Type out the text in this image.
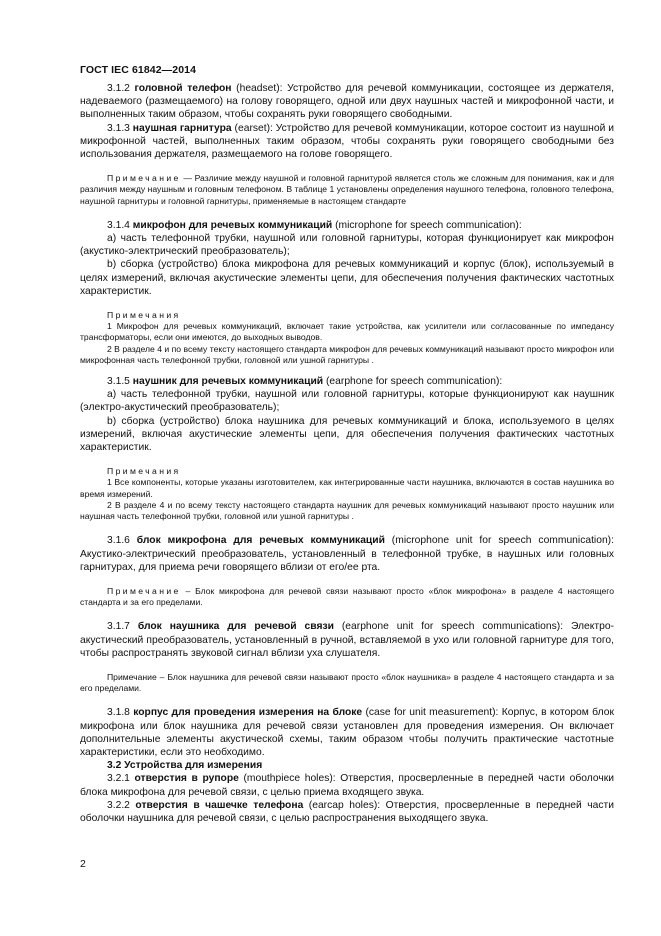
ГОСТ IEC 61842—2014

3.1.2 головной телефон (headset): Устройство для речевой коммуникации, состоящее из держателя, надеваемого (размещаемого) на голову говорящего, одной или двух наушных частей и микрофонной части, и выполненных таким образом, чтобы сохранять руки говорящего свободными.

3.1.3 наушная гарнитура (earset): Устройство для речевой коммуникации, которое состоит из наушной и микрофонной частей, выполненных таким образом, чтобы сохранять руки говорящего свободными без использования держателя, размещаемого на голове говорящего.

Примечание — Различие между наушной и головной гарнитурой является столь же сложным для понимания, как и для различия между наушным и головным телефоном. В таблице 1 установлены определения наушного телефона, головного телефона, наушной гарнитуры и головной гарнитуры, применяемые в настоящем стандарте

3.1.4 микрофон для речевых коммуникаций (microphone for speech communication):

а) часть телефонной трубки, наушной или головной гарнитуры, которая функционирует как микрофон (акустико-электрический преобразователь);

b) сборка (устройство) блока микрофона для речевых коммуникаций и корпус (блок), используемый в целях измерений, включая акустические элементы цепи, для обеспечения получения фактических частотных характеристик.

Примечания

1 Микрофон для речевых коммуникаций, включает такие устройства, как усилители или согласованные по импедансу трансформаторы, если они имеются, до выходных выводов.

2 В разделе 4 и по всему тексту настоящего стандарта микрофон для речевых коммуникаций называют просто микрофон или микрофонная часть телефонной трубки, головной или ушной гарнитуры .

3.1.5 наушник для речевых коммуникаций (earphone for speech communication):

а) часть телефонной трубки, наушной или головной гарнитуры, которые функционируют как наушник (электро-акустический преобразователь);

b) сборка (устройство) блока наушника для речевых коммуникаций и блока, используемого в целях измерений, включая акустические элементы цепи, для обеспечения получения фактических частотных характеристик.

Примечания

1 Все компоненты, которые указаны изготовителем, как интегрированные части наушника, включаются в состав наушника во время измерений.

2 В разделе 4 и по всему тексту настоящего стандарта наушник для речевых коммуникаций называют просто наушник или наушная часть телефонной трубки, головной или ушной гарнитуры .

3.1.6 блок микрофона для речевых коммуникаций (microphone unit for speech communication): Акустико-электрический преобразователь, установленный в телефонной трубке, в наушных или головных гарнитурах, для приема речи говорящего вблизи от его/ее рта.

Примечание – Блок микрофона для речевой связи называют просто «блок микрофона» в разделе 4 настоящего стандарта и за его пределами.

3.1.7 блок наушника для речевой связи (earphone unit for speech communications): Электро-акустический преобразователь, установленный в ручной, вставляемой в ухо или головной гарнитуре для того, чтобы распространять звуковой сигнал вблизи уха слушателя.

Примечание – Блок наушника для речевой связи называют просто «блок наушника» в разделе 4 настоящего стандарта и за его пределами.

3.1.8 корпус для проведения измерения на блоке (case for unit measurement): Корпус, в котором блок микрофона или блок наушника для речевой связи установлен для проведения измерения. Он включает дополнительные элементы акустической схемы, таким образом чтобы получить практические частотные характеристики, если это необходимо.

3.2 Устройства для измерения

3.2.1 отверстия в рупоре (mouthpiece holes): Отверстия, просверленные в передней части оболочки блока микрофона для речевой связи, с целью приема входящего звука.

3.2.2 отверстия в чашечке телефона (earcap holes): Отверстия, просверленные в передней части оболочки наушника для речевой связи, с целью распространения выходящего звука.

2
